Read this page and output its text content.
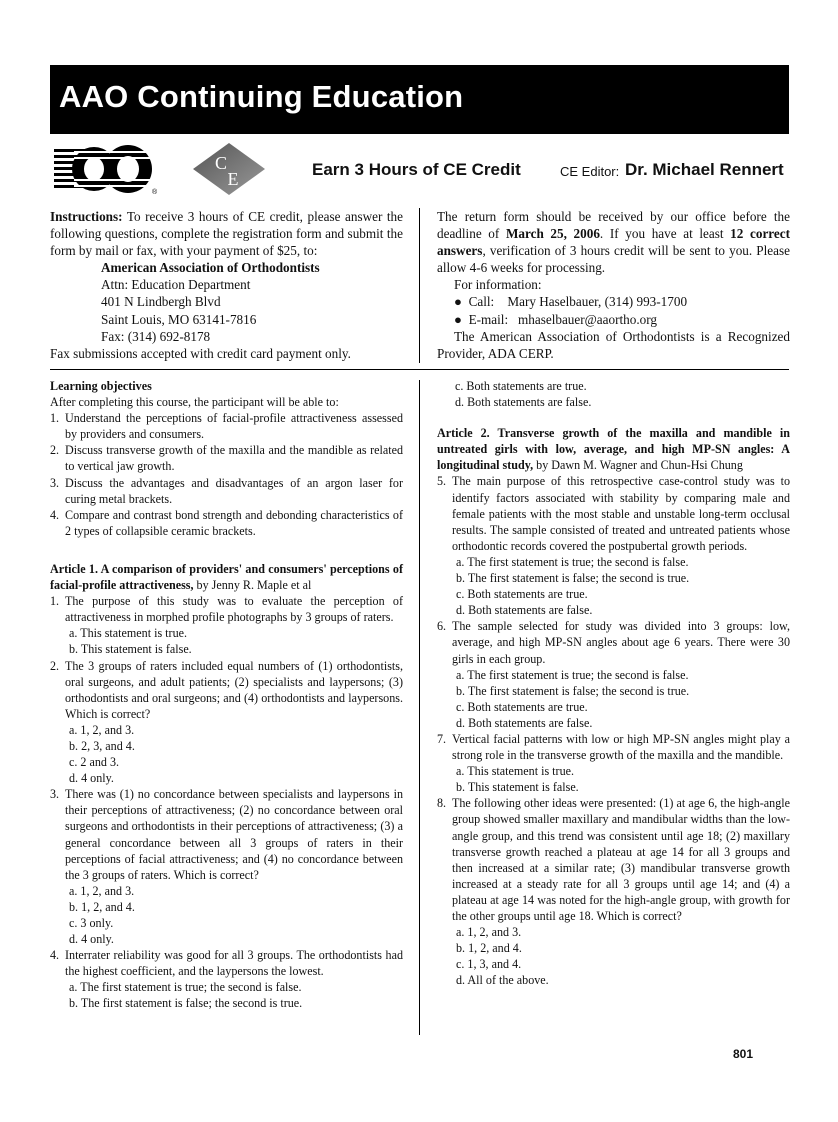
AAO Continuing Education
®
C
E	Earn 3 Hours of CE Credit	CE Editor: Dr. Michael Rennert
Instructions: To receive 3 hours of CE credit, please answer the following questions, complete the registration form and submit the form by mail or fax, with your payment of $25, to:
American Association of Orthodontists
Attn: Education Department
401 N Lindbergh Blvd
Saint Louis, MO 63141-7816
Fax: (314) 692-8178
Fax submissions accepted with credit card payment only.
The return form should be received by our office before the deadline of March 25, 2006. If you have at least 12 correct answers, verification of 3 hours credit will be sent to you. Please allow 4-6 weeks for processing.
For information:
●  Call:    Mary Haselbauer, (314) 993-1700
●  E-mail:   mhaselbauer@aaortho.org
The American Association of Orthodontists is a Recognized Provider, ADA CERP.
Learning objectives
After completing this course, the participant will be able to:
1. Understand the perceptions of facial-profile attractiveness assessed by providers and consumers.
2. Discuss transverse growth of the maxilla and the mandible as related to vertical jaw growth.
3. Discuss the advantages and disadvantages of an argon laser for curing metal brackets.
4. Compare and contrast bond strength and debonding characteristics of 2 types of collapsible ceramic brackets.
Article 1. A comparison of providers' and consumers' perceptions of facial-profile attractiveness, by Jenny R. Maple et al
1. The purpose of this study was to evaluate the perception of attractiveness in morphed profile photographs by 3 groups of raters.
a. This statement is true.
b. This statement is false.
2. The 3 groups of raters included equal numbers of (1) orthodontists, oral surgeons, and adult patients; (2) specialists and laypersons; (3) orthodontists and oral surgeons; and (4) orthodontists and laypersons. Which is correct?
a. 1, 2, and 3.
b. 2, 3, and 4.
c. 2 and 3.
d. 4 only.
3. There was (1) no concordance between specialists and laypersons in their perceptions of attractiveness; (2) no concordance between oral surgeons and orthodontists in their perceptions of attractiveness; (3) a general concordance between all 3 groups of raters in their perceptions of facial attractiveness; and (4) no concordance between the 3 groups of raters. Which is correct?
a. 1, 2, and 3.
b. 1, 2, and 4.
c. 3 only.
d. 4 only.
4. Interrater reliability was good for all 3 groups. The orthodontists had the highest coefficient, and the laypersons the lowest.
a. The first statement is true; the second is false.
b. The first statement is false; the second is true.
c. Both statements are true.
d. Both statements are false.
Article 2. Transverse growth of the maxilla and mandible in untreated girls with low, average, and high MP-SN angles: A longitudinal study, by Dawn M. Wagner and Chun-Hsi Chung
5. The main purpose of this retrospective case-control study was to identify factors associated with stability by comparing male and female patients with the most stable and unstable long-term occlusal results. The sample consisted of treated and untreated patients whose orthodontic records covered the postpubertal growth periods.
a. The first statement is true; the second is false.
b. The first statement is false; the second is true.
c. Both statements are true.
d. Both statements are false.
6. The sample selected for study was divided into 3 groups: low, average, and high MP-SN angles about age 6 years. There were 30 girls in each group.
a. The first statement is true; the second is false.
b. The first statement is false; the second is true.
c. Both statements are true.
d. Both statements are false.
7. Vertical facial patterns with low or high MP-SN angles might play a strong role in the transverse growth of the maxilla and the mandible.
a. This statement is true.
b. This statement is false.
8. The following other ideas were presented: (1) at age 6, the high-angle group showed smaller maxillary and mandibular widths than the low-angle group, and this trend was consistent until age 18; (2) maxillary transverse growth reached a plateau at age 14 for all 3 groups and then increased at a similar rate; (3) mandibular transverse growth increased at a steady rate for all 3 groups until age 14; and (4) a plateau at age 14 was noted for the high-angle group, with growth for the other groups until age 18. Which is correct?
a. 1, 2, and 3.
b. 1, 2, and 4.
c. 1, 3, and 4.
d. All of the above.
801
